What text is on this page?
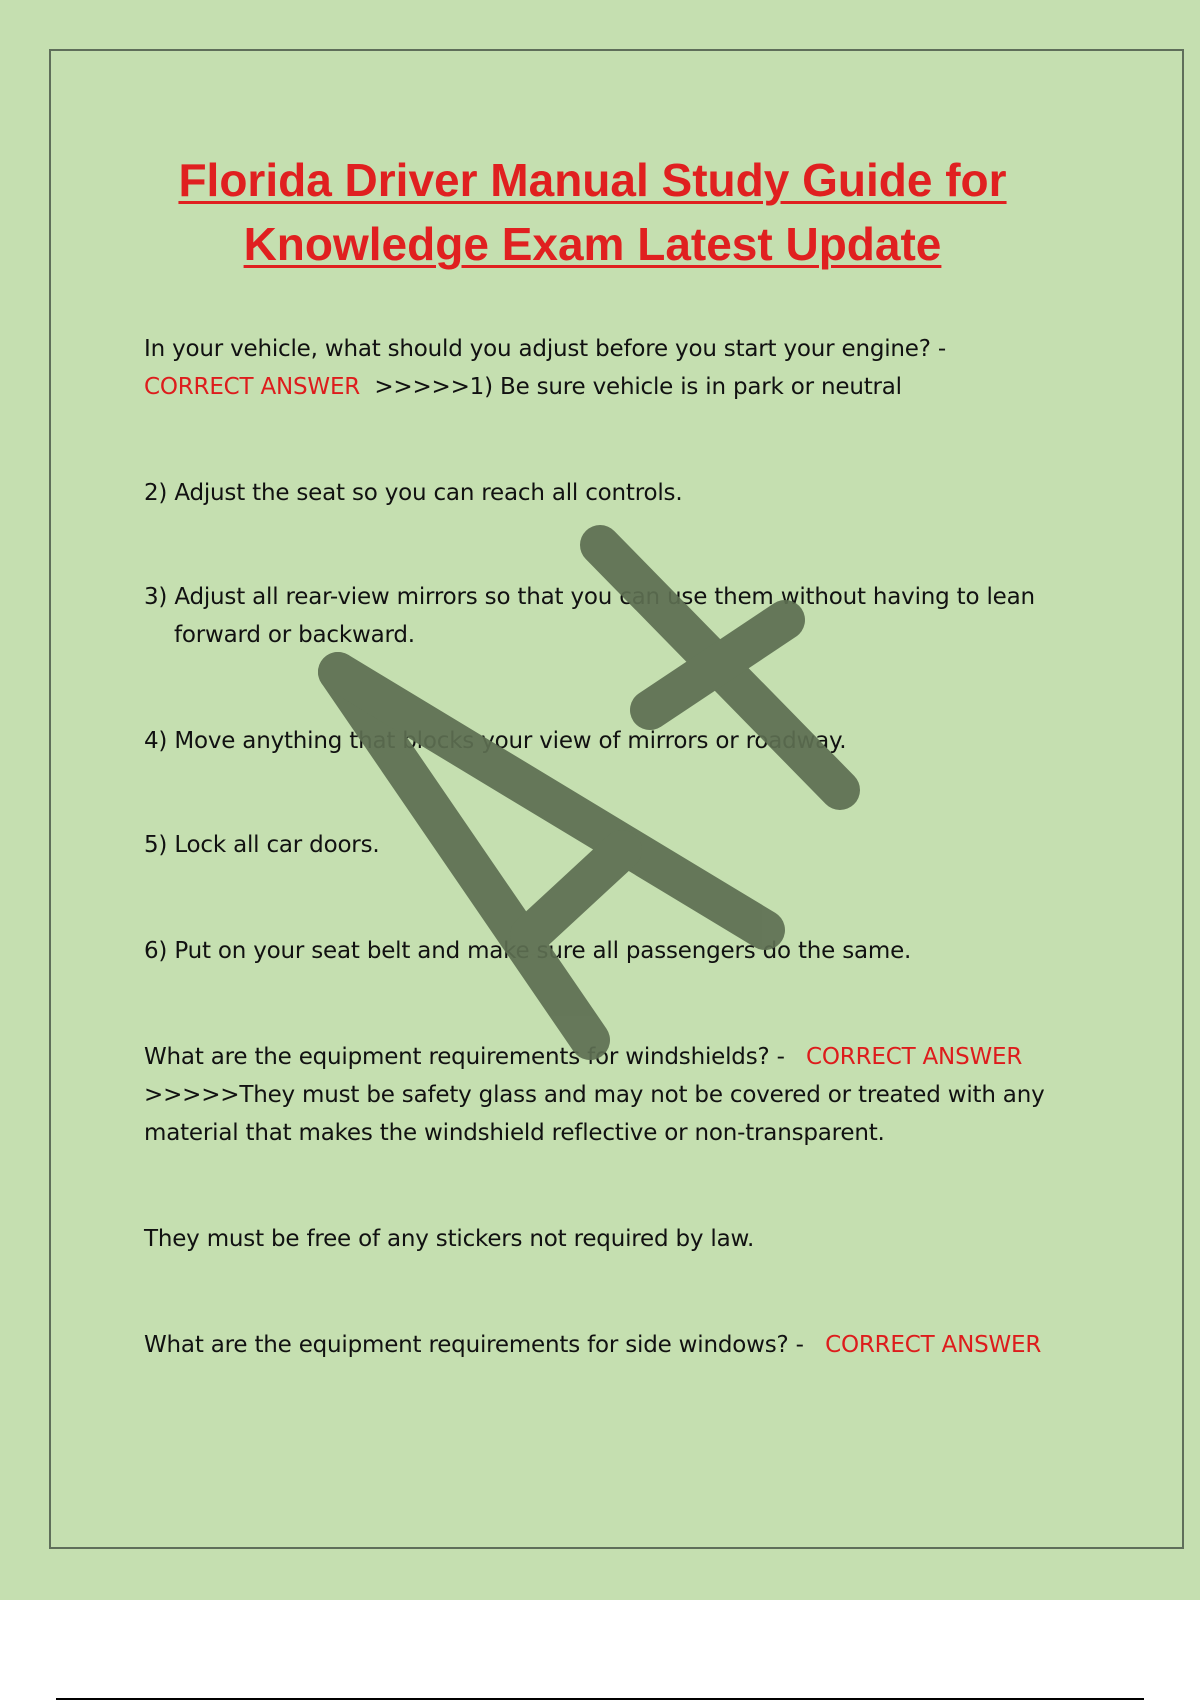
Florida Driver Manual Study Guide for
Knowledge Exam Latest Update

In your vehicle, what should you adjust before you start your engine? -
CORRECT ANSWER >>>>>1) Be sure vehicle is in park or neutral

2) Adjust the seat so you can reach all controls.

3) Adjust all rear-view mirrors so that you can use them without having to lean
forward or backward.

4) Move anything that blocks your view of mirrors or roadway.

5) Lock all car doors.

6) Put on your seat belt and make sure all passengers do the same.

What are the equipment requirements for windshields? - CORRECT ANSWER
>>>>>They must be safety glass and may not be covered or treated with any
material that makes the windshield reflective or non-transparent.

They must be free of any stickers not required by law.

What are the equipment requirements for side windows? - CORRECT ANSWER
